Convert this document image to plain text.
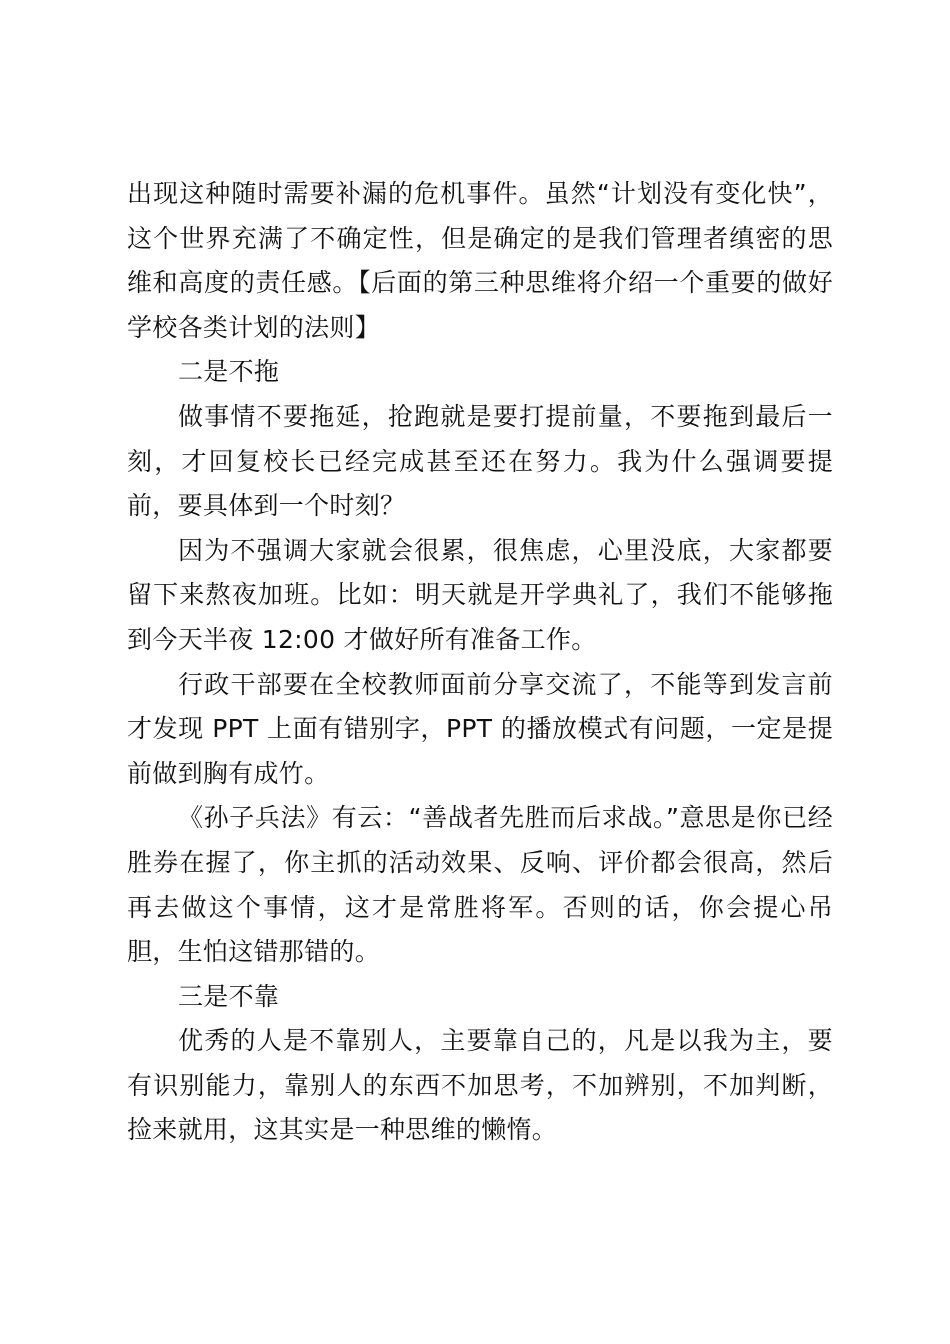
出现这种随时需要补漏的危机事件。虽然“计划没有变化快”，这个世界充满了不确定性，但是确定的是我们管理者缜密的思维和高度的责任感。【后面的第三种思维将介绍一个重要的做好学校各类计划的法则】

二是不拖

做事情不要拖延，抢跑就是要打提前量，不要拖到最后一刻，才回复校长已经完成甚至还在努力。我为什么强调要提前，要具体到一个时刻？

因为不强调大家就会很累，很焦虑，心里没底，大家都要留下来熬夜加班。比如：明天就是开学典礼了，我们不能够拖到今天半夜 12:00 才做好所有准备工作。

行政干部要在全校教师面前分享交流了，不能等到发言前才发现 PPT 上面有错别字，PPT 的播放模式有问题，一定是提前做到胸有成竹。

《孙子兵法》有云：“善战者先胜而后求战。”意思是你已经胜券在握了，你主抓的活动效果、反响、评价都会很高，然后再去做这个事情，这才是常胜将军。否则的话，你会提心吊胆，生怕这错那错的。

三是不靠

优秀的人是不靠别人，主要靠自己的，凡是以我为主，要有识别能力，靠别人的东西不加思考，不加辨别，不加判断，捡来就用，这其实是一种思维的懒惰。
